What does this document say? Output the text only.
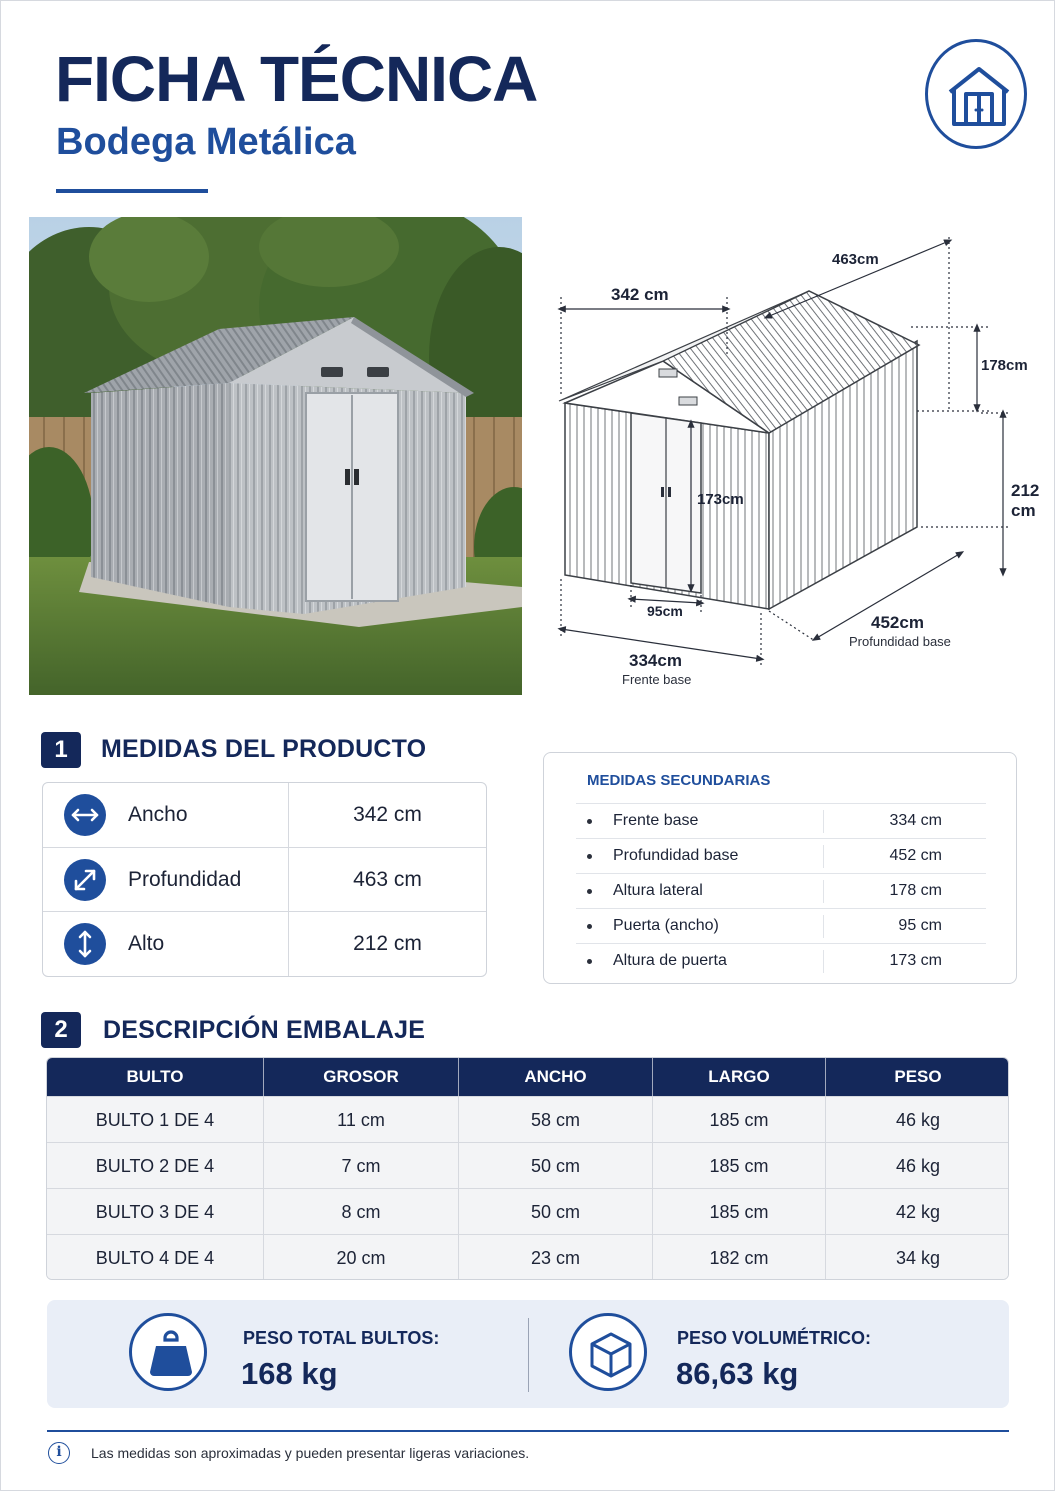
FICHA TÉCNICA
Bodega Metálica
342 cm
463cm
178cm
212
cm
173cm
95cm
452cm
Profundidad base
334cm
Frente base
1	MEDIDAS DEL PRODUCTO
Ancho	342 cm
Profundidad	463 cm
Alto	212 cm
MEDIDAS SECUNDARIAS
Frente base	334 cm
Profundidad base	452 cm
Altura lateral	178 cm
Puerta (ancho)	95 cm
Altura de puerta	173 cm
2	DESCRIPCIÓN EMBALAJE
BULTO	GROSOR	ANCHO	LARGO	PESO
BULTO 1 DE 4	11 cm	58 cm	185 cm	46 kg
BULTO 2 DE 4	7 cm	50 cm	185 cm	46 kg
BULTO 3 DE 4	8 cm	50 cm	185 cm	42 kg
BULTO 4 DE 4	20 cm	23 cm	182 cm	34 kg
PESO TOTAL BULTOS:
168 kg
PESO VOLUMÉTRICO:
86,63 kg
i	Las medidas son aproximadas y pueden presentar ligeras variaciones.
